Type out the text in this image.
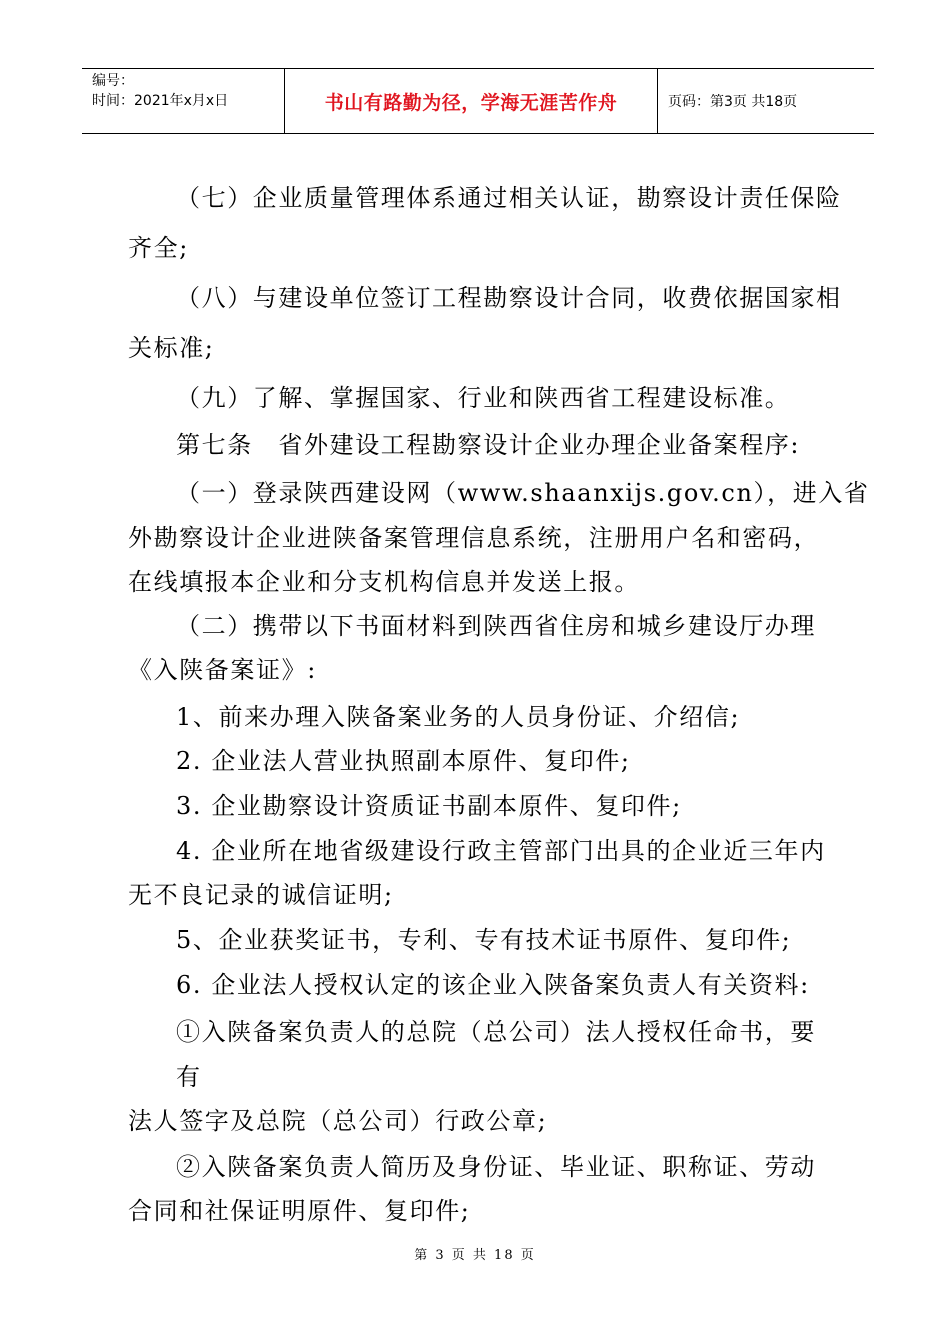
编号：
时间：2021年x月x日	书山有路勤为径，学海无涯苦作舟	页码：第3页 共18页
（七）企业质量管理体系通过相关认证，勘察设计责任保险
齐全;
（八）与建设单位签订工程勘察设计合同，收费依据国家相
关标准;
（九）了解、掌握国家、行业和陕西省工程建设标准。
第七条　省外建设工程勘察设计企业办理企业备案程序:
（一）登录陕西建设网（www.shaanxijs.gov.cn），进入省
外勘察设计企业进陕备案管理信息系统，注册用户名和密码，
在线填报本企业和分支机构信息并发送上报。
（二）携带以下书面材料到陕西省住房和城乡建设厅办理
《入陕备案证》:
1、前来办理入陕备案业务的人员身份证、介绍信;
2. 企业法人营业执照副本原件、复印件;
3. 企业勘察设计资质证书副本原件、复印件;
4. 企业所在地省级建设行政主管部门出具的企业近三年内
无不良记录的诚信证明;
5、企业获奖证书，专利、专有技术证书原件、复印件;
6. 企业法人授权认定的该企业入陕备案负责人有关资料:
①入陕备案负责人的总院（总公司）法人授权任命书，要
有
法人签字及总院（总公司）行政公章;
②入陕备案负责人简历及身份证、毕业证、职称证、劳动
合同和社保证明原件、复印件;
第 3 页 共 18 页
